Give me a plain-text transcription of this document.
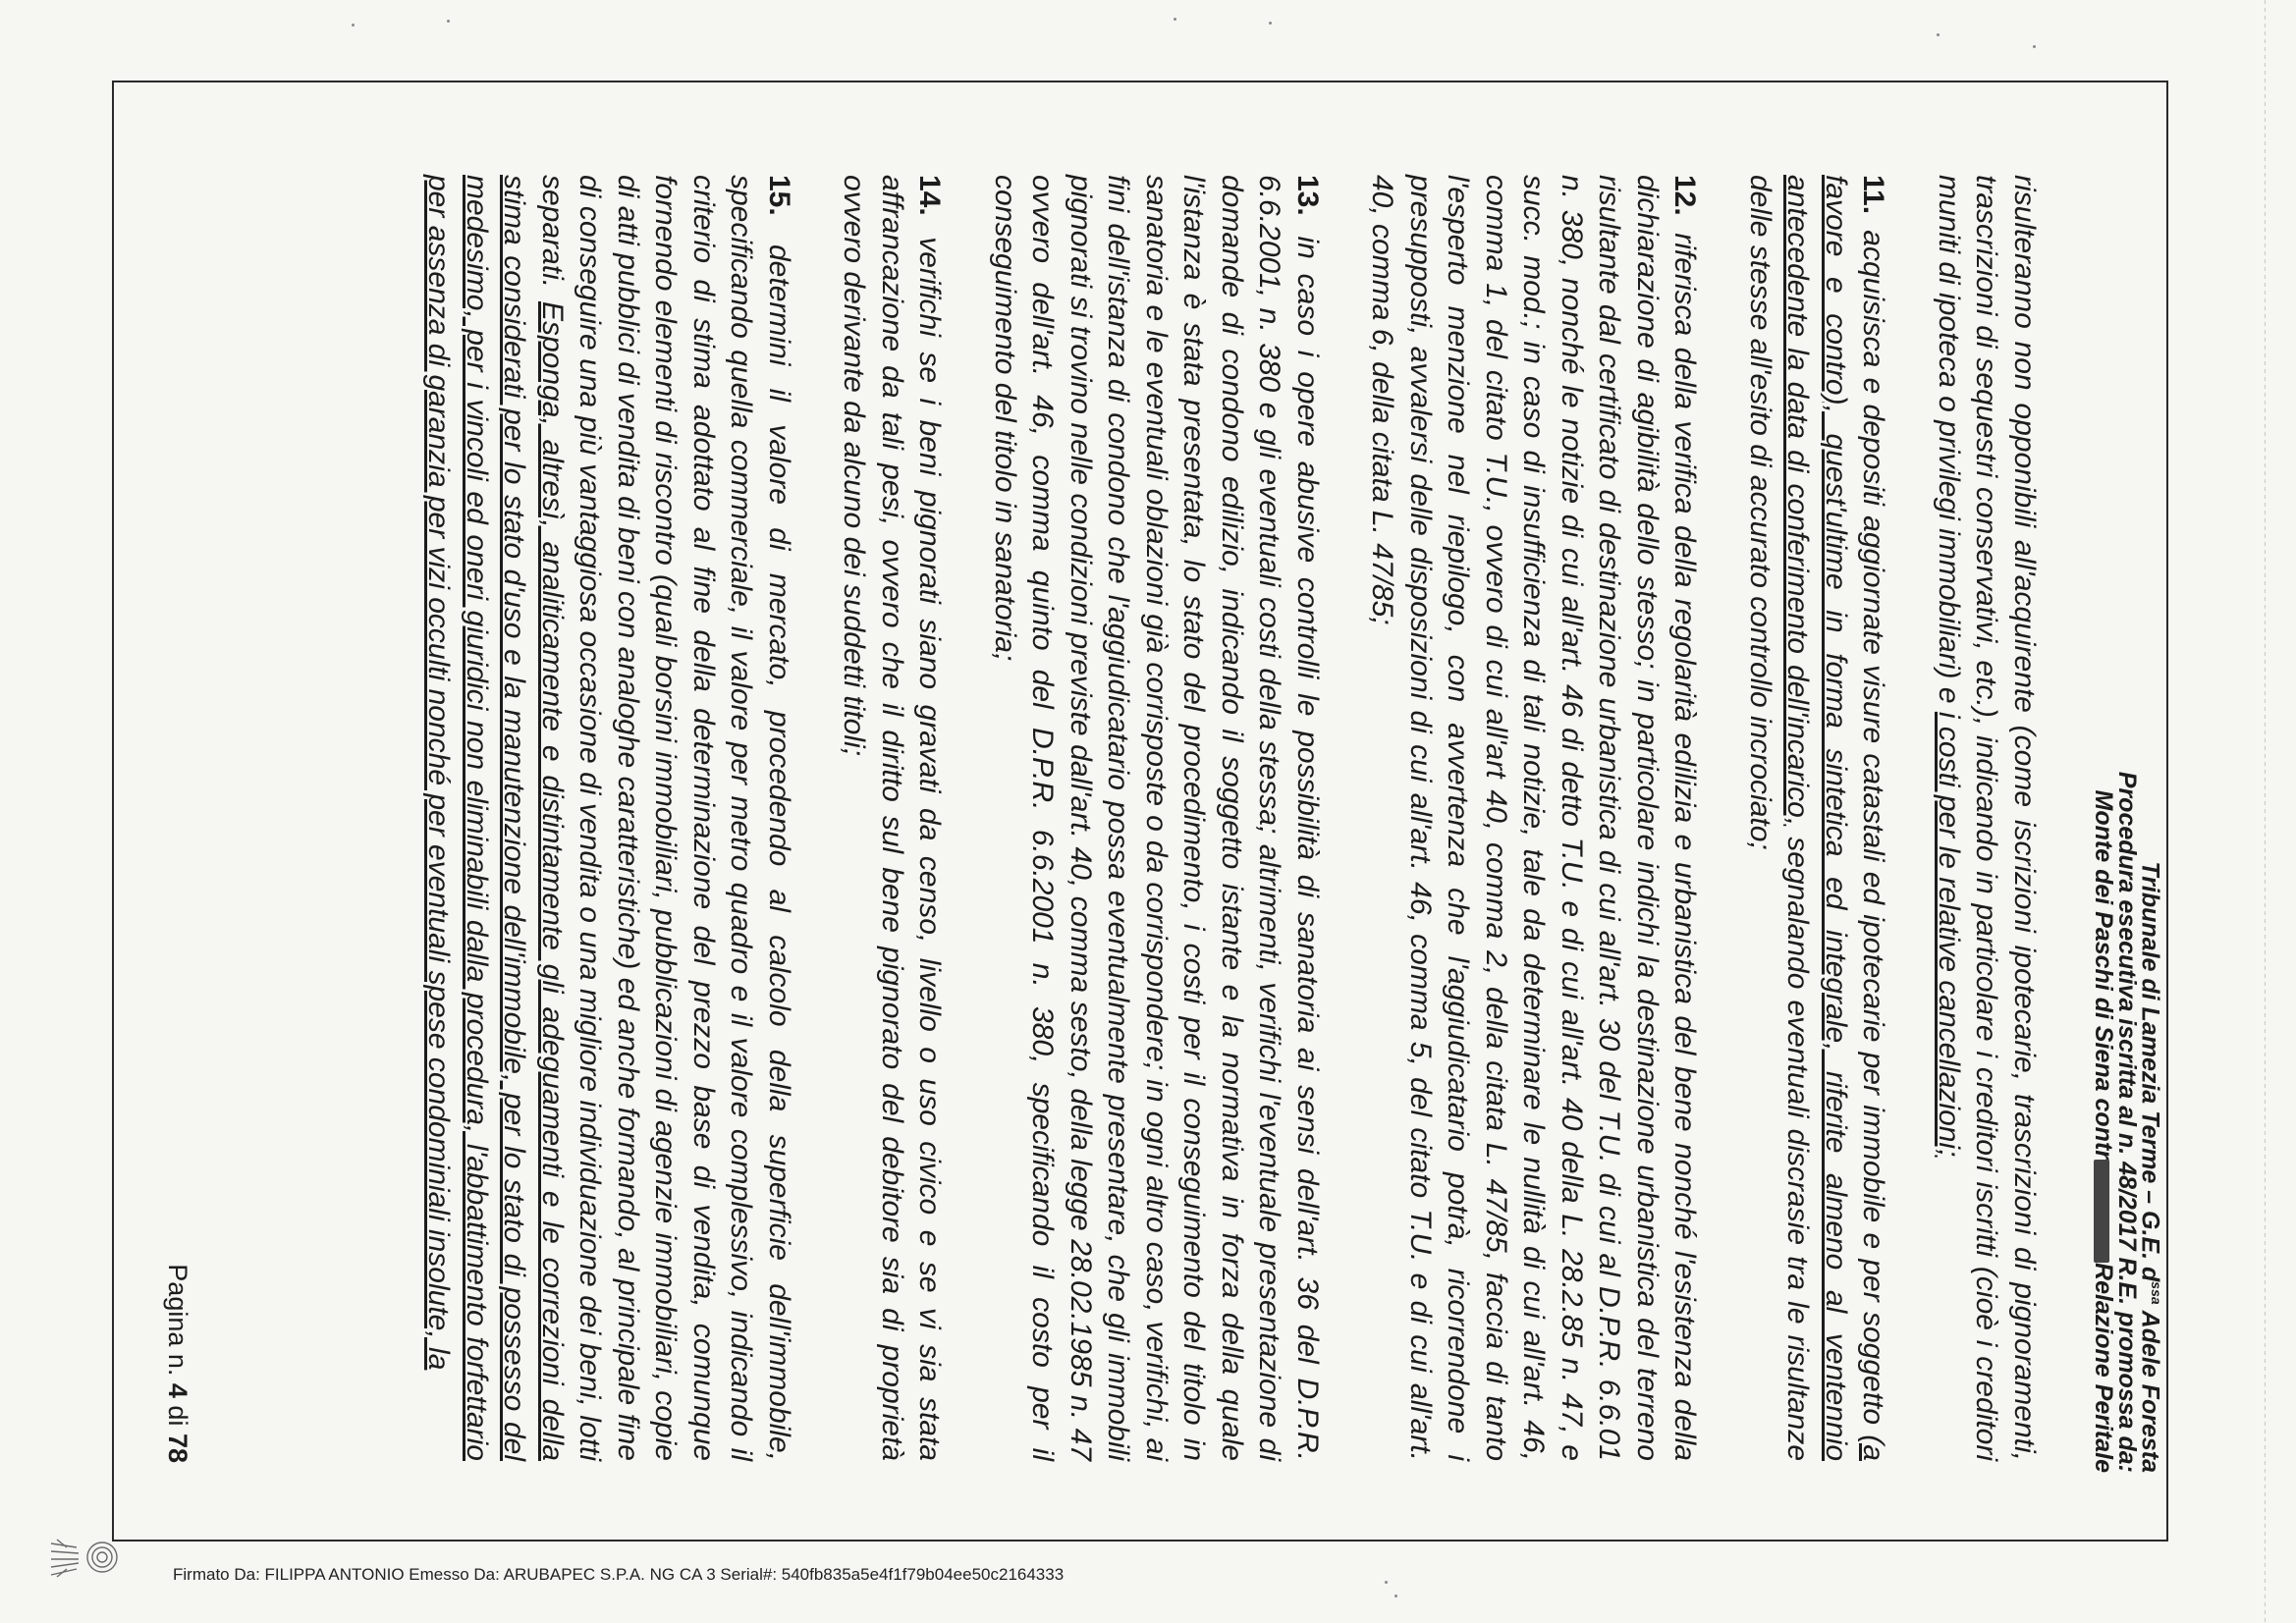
Tribunale di Lamezia Terme – G.E. $d^{ssa}$ Adele Foresta
Procedura esecutiva iscritta al n. 48/2017 R.E. promossa da:
Monte dei Paschi di Siena contrRelazione Peritale

risulteranno non opponibili all'acquirente (come iscrizioni ipotecarie, trascrizioni di pignoramenti, trascrizioni di sequestri conservativi, etc.), indicando in particolare i creditori iscritti (cioè i creditori muniti di ipoteca o privilegi immobiliari) e i costi per le relative cancellazioni;

11. acquisisca e depositi aggiornate visure catastali ed ipotecarie per immobile e per soggetto (a favore e contro), quest'ultime in forma sintetica ed integrale, riferite almeno al ventennio antecedente la data di conferimento dell'incarico, segnalando eventuali discrasie tra le risultanze delle stesse all'esito di accurato controllo incrociato;

12. riferisca della verifica della regolarità edilizia e urbanistica del bene nonché l'esistenza della dichiarazione di agibilità dello stesso; in particolare indichi la destinazione urbanistica del terreno risultante dal certificato di destinazione urbanistica di cui all'art. 30 del T.U. di cui al D.P.R. 6.6.01 n. 380, nonché le notizie di cui all'art. 46 di detto T.U. e di cui all'art. 40 della L. 28.2.85 n. 47, e succ. mod.; in caso di insufficienza di tali notizie, tale da determinare le nullità di cui all'art. 46, comma 1, del citato T.U., ovvero di cui all'art 40, comma 2, della citata L. 47/85, faccia di tanto l'esperto menzione nel riepilogo, con avvertenza che l'aggiudicatario potrà, ricorrendone i presupposti, avvalersi delle disposizioni di cui all'art. 46, comma 5, del citato T.U. e di cui all'art. 40, comma 6, della citata L. 47/85;

13. in caso i opere abusive controlli le possibilità di sanatoria ai sensi dell'art. 36 del D.P.R. 6.6.2001, n. 380 e gli eventuali costi della stessa; altrimenti, verifichi l'eventuale presentazione di domande di condono edilizio, indicando il soggetto istante e la normativa in forza della quale l'istanza è stata presentata, lo stato del procedimento, i costi per il conseguimento del titolo in sanatoria e le eventuali oblazioni già corrisposte o da corrispondere; in ogni altro caso, verifichi, ai fini dell'istanza di condono che l'aggiudicatario possa eventualmente presentare, che gli immobili pignorati si trovino nelle condizioni previste dall'art. 40, comma sesto, della legge 28.02.1985 n. 47 ovvero dell'art. 46, comma quinto del D.P.R. 6.6.2001 n. 380, specificando il costo per il conseguimento del titolo in sanatoria;

14. verifichi se i beni pignorati siano gravati da censo, livello o uso civico e se vi sia stata affrancazione da tali pesi, ovvero che il diritto sul bene pignorato del debitore sia di proprietà ovvero derivante da alcuno dei suddetti titoli;

15. determini il valore di mercato, procedendo al calcolo della superficie dell'immobile, specificando quella commerciale, il valore per metro quadro e il valore complessivo, indicando il criterio di stima adottato al fine della determinazione del prezzo base di vendita, comunque fornendo elementi di riscontro (quali borsini immobiliari, pubblicazioni di agenzie immobiliari, copie di atti pubblici di vendita di beni con analoghe caratteristiche) ed anche formando, al principale fine di conseguire una più vantaggiosa occasione di vendita o una migliore individuazione dei beni, lotti separati. Esponga, altresì, analiticamente e distintamente gli adeguamenti e le correzioni della stima considerati per lo stato d'uso e la manutenzione dell'immobile, per lo stato di possesso del medesimo, per i vincoli ed oneri giuridici non eliminabili dalla procedura, l'abbattimento forfettario per assenza di garanzia per vizi occulti nonché per eventuali spese condominiali insolute, la

Pagina n. 4 di 78
Firmato Da: FILIPPA ANTONIO Emesso Da: ARUBAPEC S.P.A. NG CA 3 Serial#: 540fb835a5e4f1f79b04ee50c2164333
